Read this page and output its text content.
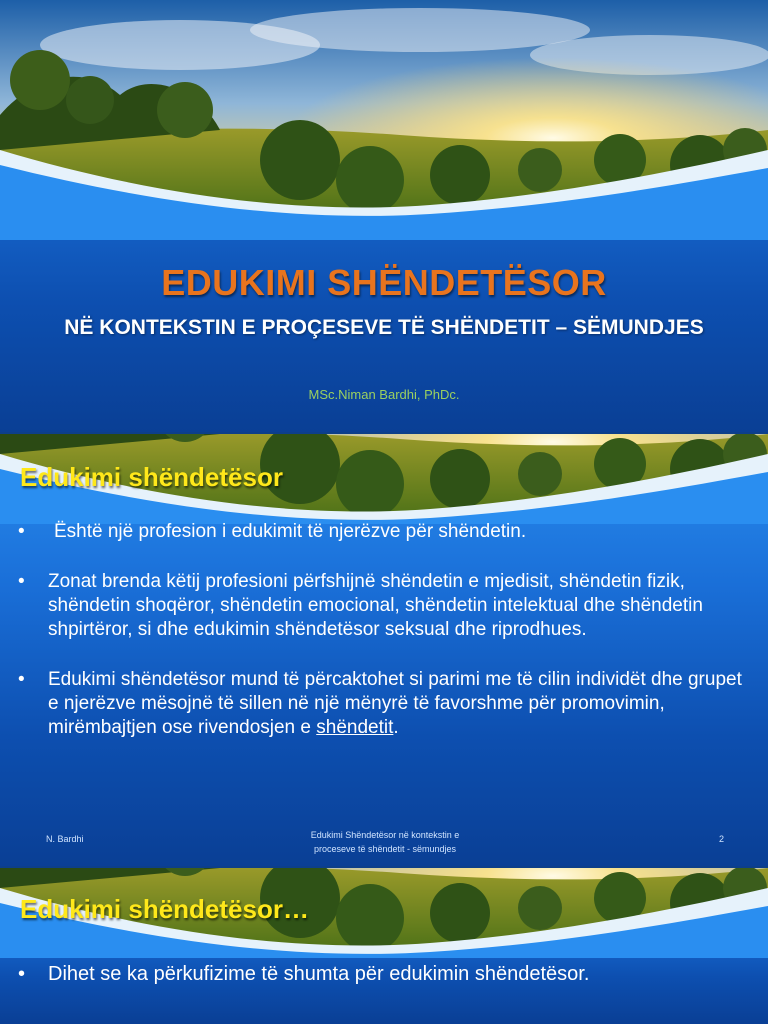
EDUKIMI SHËNDETËSOR
NË KONTEKSTIN E PROÇESEVE TË SHËNDETIT – SËMUNDJES
MSc.Niman Bardhi, PhDc.
Edukimi shëndetësor
• Është një profesion i edukimit të njerëzve për shëndetin.
• Zonat brenda këtij profesioni përfshijnë shëndetin e mjedisit, shëndetin fizik, shëndetin shoqëror, shëndetin emocional, shëndetin intelektual dhe shëndetin shpirtëror, si dhe edukimin shëndetësor seksual dhe riprodhues.
• Edukimi shëndetësor mund të përcaktohet si parimi me të cilin individët dhe grupet e njerëzve mësojnë të sillen në një mënyrë të favorshme për promovimin, mirëmbajtjen ose rivendosjen e shëndetit.
N. Bardhi	Edukimi Shëndetësor në kontekstin e
proceseve të shëndetit - sëmundjes
2
Edukimi shëndetësor…
• Dihet se ka përkufizime të shumta për edukimin shëndetësor.
